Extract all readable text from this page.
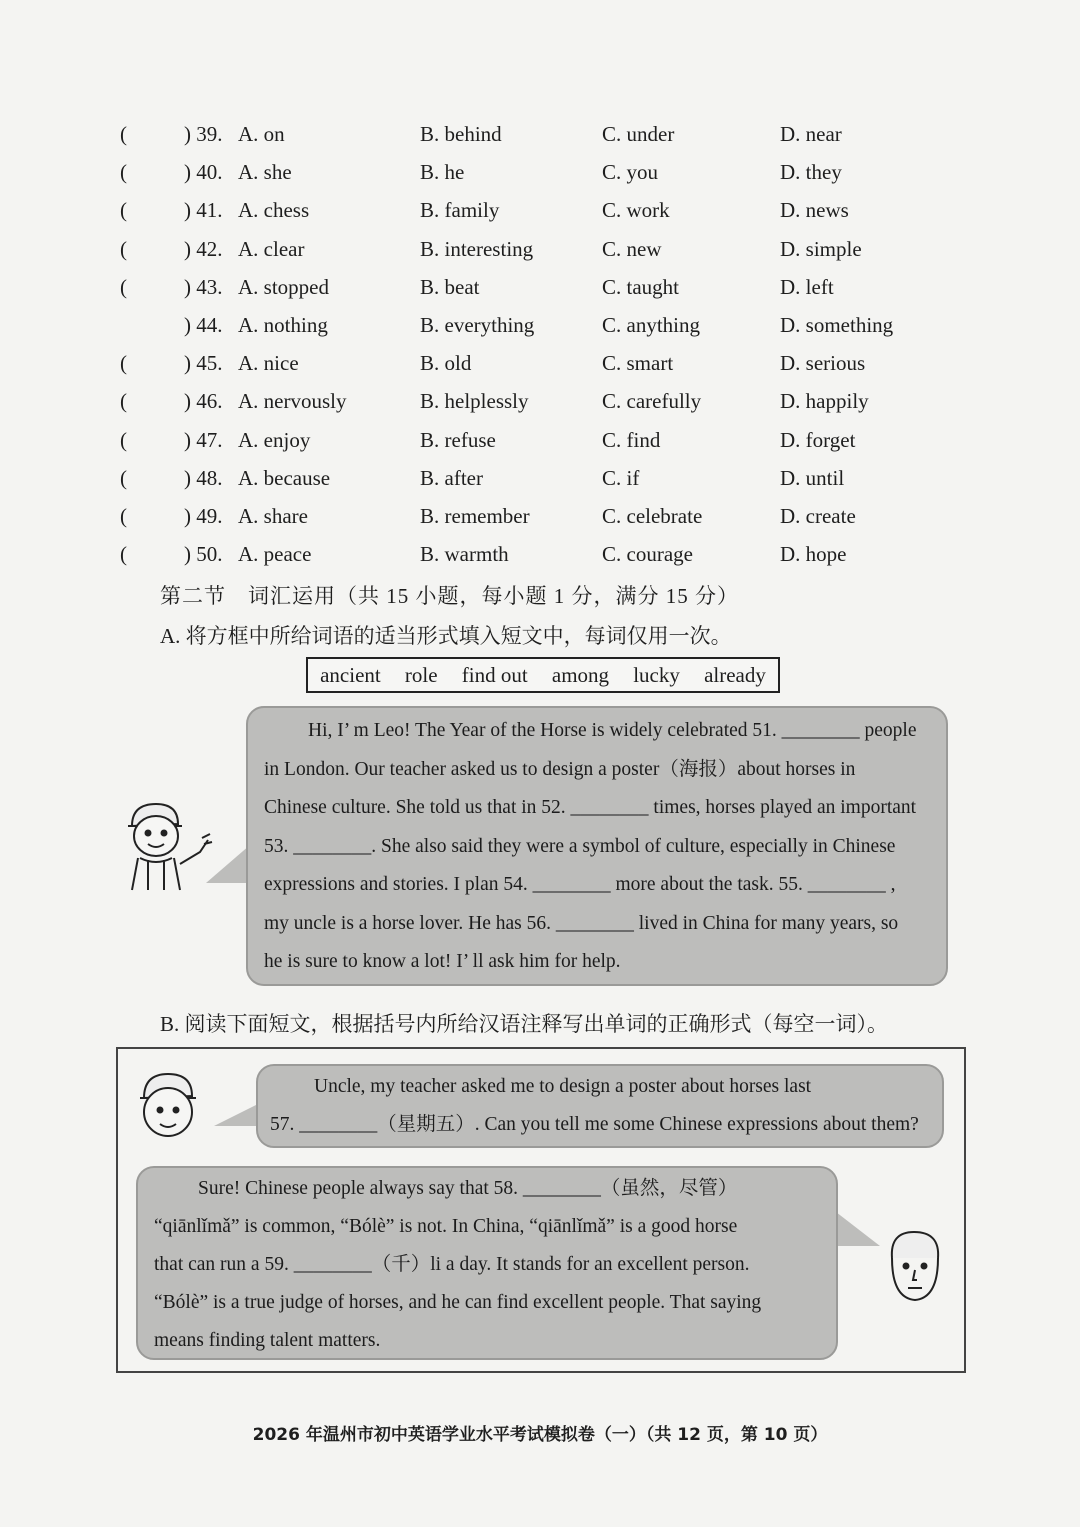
(	) 39. A. on	B. behind	C. under	D. near
(	) 40. A. she	B. he	C. you	D. they
(	) 41. A. chess	B. family	C. work	D. news
(	) 42. A. clear	B. interesting	C. new	D. simple
(	) 43. A. stopped	B. beat	C. taught	D. left
) 44. A. nothing	B. everything	C. anything	D. something
(	) 45. A. nice	B. old	C. smart	D. serious
(	) 46. A. nervously	B. helplessly	C. carefully	D. happily
(	) 47. A. enjoy	B. refuse	C. find	D. forget
(	) 48. A. because	B. after	C. if	D. until
(	) 49. A. share	B. remember	C. celebrate	D. create
(	) 50. A. peace	B. warmth	C. courage	D. hope
第二节　词汇运用（共 15 小题，每小题 1 分，满分 15 分）
A. 将方框中所给词语的适当形式填入短文中，每词仅用一次。
ancient role find out among lucky already

Hi, I’ m Leo! The Year of the Horse is widely celebrated 51. ________ people

in London. Our teacher asked us to design a poster（海报）about horses in

Chinese culture. She told us that in 52. ________ times, horses played an important

53. ________. She also said they were a symbol of culture, especially in Chinese

expressions and stories. I plan 54. ________ more about the task. 55. ________ ,

my uncle is a horse lover. He has 56. ________ lived in China for many years, so

he is sure to know a lot! I’ ll ask him for help.

B. 阅读下面短文，根据括号内所给汉语注释写出单词的正确形式（每空一词）。

Uncle, my teacher asked me to design a poster about horses last

57. ________（星期五）. Can you tell me some Chinese expressions about them?

Sure! Chinese people always say that 58. ________（虽然，尽管）

“qiānlǐmǎ” is common, “Bólè” is not. In China, “qiānlǐmǎ” is a good horse

that can run a 59. ________（千）li a day. It stands for an excellent person.

“Bólè” is a true judge of horses, and he can find excellent people. That saying

means finding talent matters.

2026 年温州市初中英语学业水平考试模拟卷（一）（共 12 页，第 10 页）
